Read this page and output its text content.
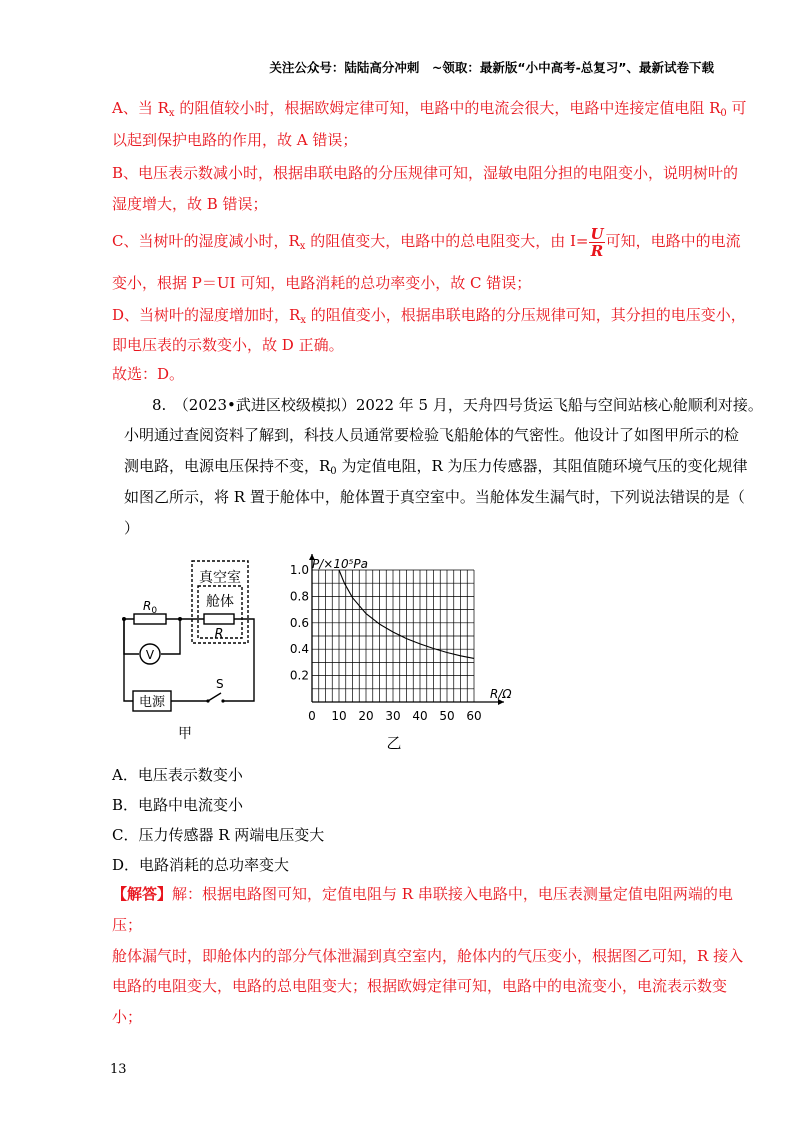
关注公众号：陆陆高分冲刺　~领取：最新版“小中高考-总复习”、最新试卷下载
A、当 $R_x$ 的阻值较小时，根据欧姆定律可知，电路中的电流会很大，电路中连接定值电阻 $R_0$ 可
以起到保护电路的作用，故 A 错误；
B、电压表示数减小时，根据串联电路的分压规律可知，湿敏电阻分担的电阻变小，说明树叶的
湿度增大，故 B 错误；
C、当树叶的湿度减小时，$R_x$ 的阻值变大，电路中的总电阻变大，由 $I= \frac{U}{R}$ 可知，电路中的电流
变小，根据 P＝UI 可知，电路消耗的总功率变小，故 C 错误；
D、当树叶的湿度增加时，$R_x$ 的阻值变小，根据串联电路的分压规律可知，其分担的电压变小，
即电压表的示数变小，故 D 正确。
故选：D。
8.　（2023•武进区校级模拟）2022 年 5 月，天舟四号货运飞船与空间站核心舱顺利对接。
小明通过查阅资料了解到，科技人员通常要检验飞船舱体的气密性。他设计了如图甲所示的检
测电路，电源电压保持不变，$R_0$ 为定值电阻，R 为压力传感器，其阻值随环境气压的变化规律
如图乙所示，将 R 置于舱体中，舱体置于真空室中。当舱体发生漏气时，下列说法错误的是（
）
真空室
舱体
$R_0$
R
V
电源
S
甲
0 10 20 30 40 50 60
0.2
0.4
0.6
0.8
1.0 P/×10⁵Pa
R/Ω
乙
A．电压表示数变小
B．电路中电流变小
C．压力传感器 R 两端电压变大
D．电路消耗的总功率变大
【解答】解：根据电路图可知，定值电阻与 R 串联接入电路中，电压表测量定值电阻两端的电
压；
舱体漏气时，即舱体内的部分气体泄漏到真空室内，舱体内的气压变小，根据图乙可知，R 接入
电路的电阻变大，电路的总电阻变大；根据欧姆定律可知，电路中的电流变小，电流表示数变
小；
13
